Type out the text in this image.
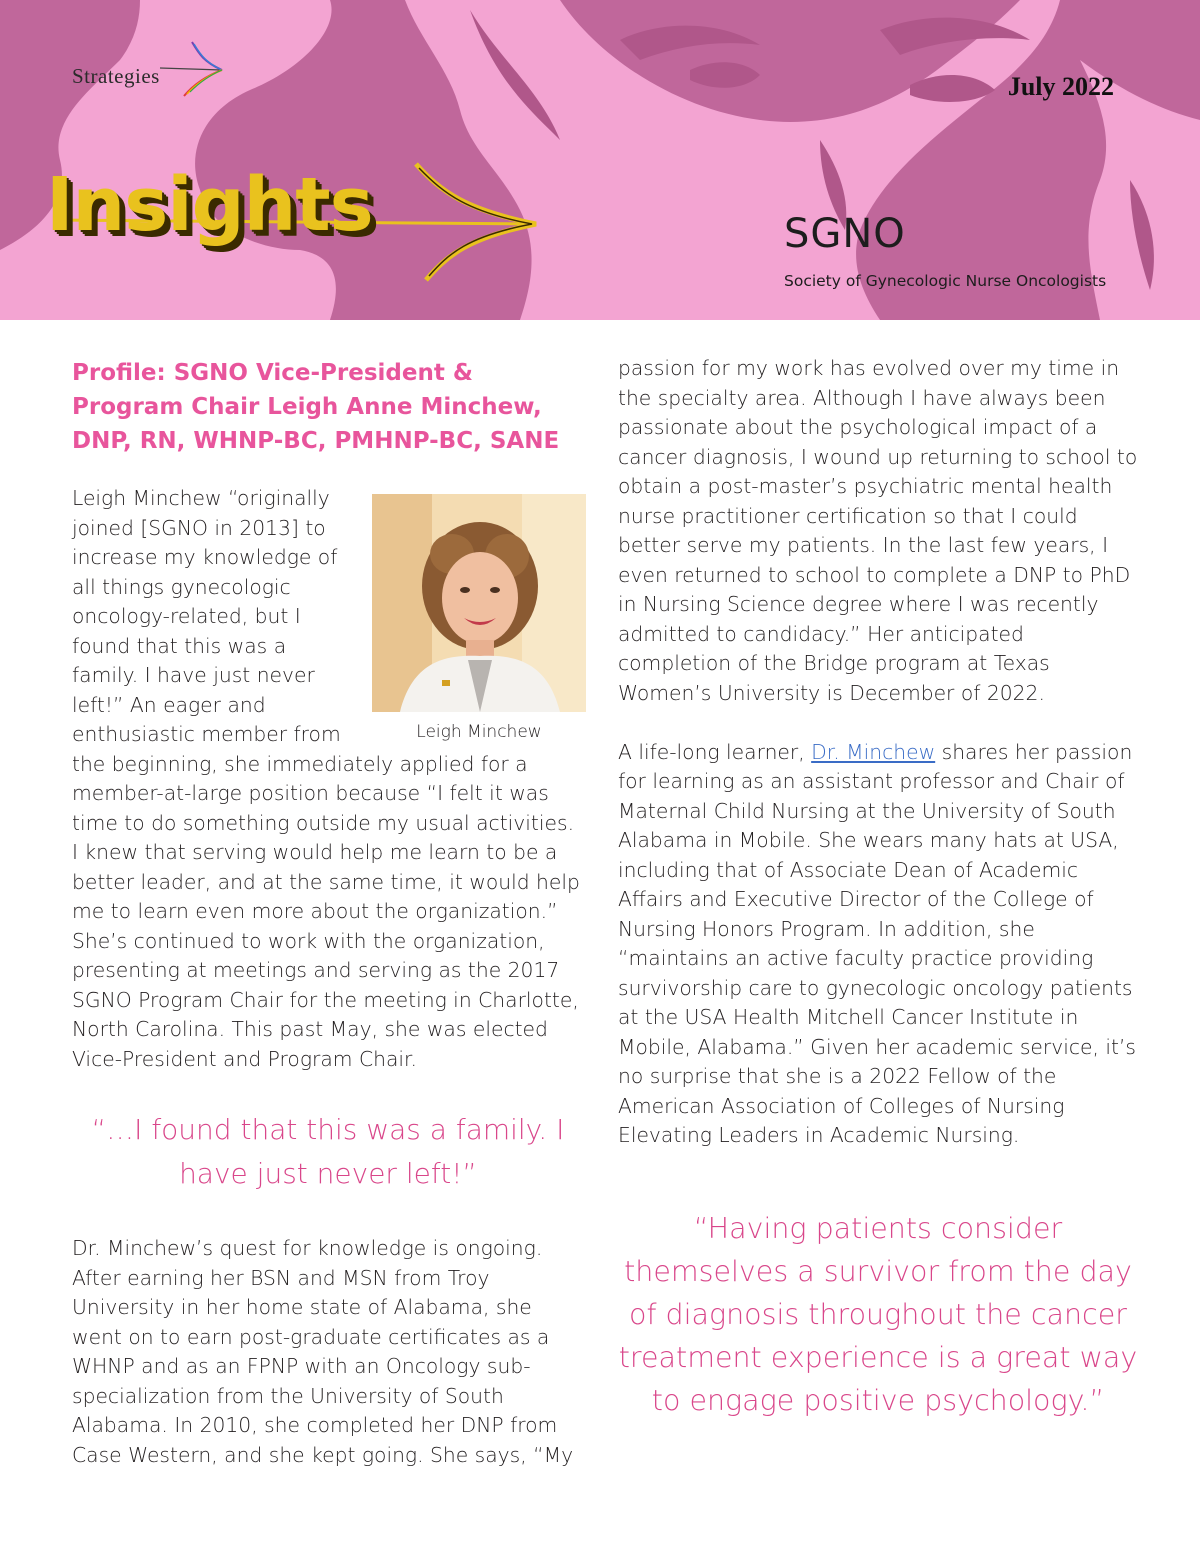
Strategies	July 2022
Insights	SGNO
Society of Gynecologic Nurse Oncologists
Profile: SGNO Vice-President & Program Chair Leigh Anne Minchew, DNP, RN, WHNP-BC, PMHNP-BC, SANE
Leigh Minchew

Leigh Minchew “originally joined [SGNO in 2013] to increase my knowledge of all things gynecologic oncology-related, but I found that this was a family. I have just never left!” An eager and enthusiastic member from the beginning, she immediately applied for a member-at-large position because “I felt it was time to do something outside my usual activities. I knew that serving would help me learn to be a better leader, and at the same time, it would help me to learn even more about the organization.” She’s continued to work with the organization, presenting at meetings and serving as the 2017 SGNO Program Chair for the meeting in Charlotte, North Carolina. This past May, she was elected Vice-President and Program Chair.

“…I found that this was a family. I have just never left!”

Dr. Minchew’s quest for knowledge is ongoing. After earning her BSN and MSN from Troy University in her home state of Alabama, she went on to earn post-graduate certificates as a WHNP and as an FPNP with an Oncology sub-specialization from the University of South Alabama. In 2010, she completed her DNP from Case Western, and she kept going. She says, “My

passion for my work has evolved over my time in the specialty area. Although I have always been passionate about the psychological impact of a cancer diagnosis, I wound up returning to school to obtain a post-master’s psychiatric mental health nurse practitioner certification so that I could better serve my patients. In the last few years, I even returned to school to complete a DNP to PhD in Nursing Science degree where I was recently admitted to candidacy.” Her anticipated completion of the Bridge program at Texas Women’s University is December of 2022.

A life-long learner, Dr. Minchew shares her passion for learning as an assistant professor and Chair of Maternal Child Nursing at the University of South Alabama in Mobile. She wears many hats at USA, including that of Associate Dean of Academic Affairs and Executive Director of the College of Nursing Honors Program. In addition, she “maintains an active faculty practice providing survivorship care to gynecologic oncology patients at the USA Health Mitchell Cancer Institute in Mobile, Alabama.” Given her academic service, it’s no surprise that she is a 2022 Fellow of the American Association of Colleges of Nursing Elevating Leaders in Academic Nursing.

“Having patients consider themselves a survivor from the day of diagnosis throughout the cancer treatment experience is a great way to engage positive psychology.”
